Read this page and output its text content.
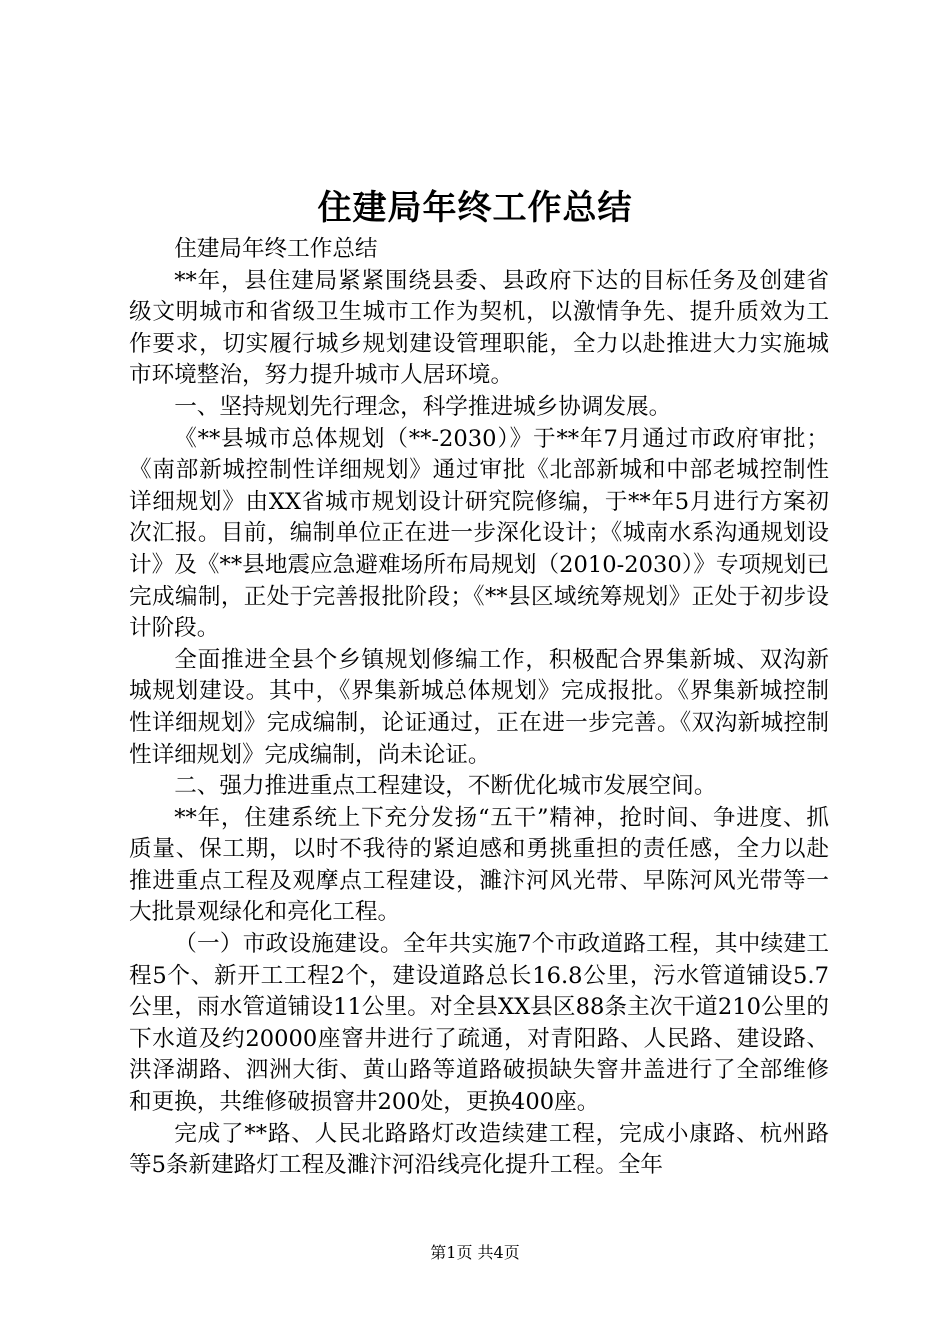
住建局年终工作总结

住建局年终工作总结

**年，县住建局紧紧围绕县委、县政府下达的目标任务及创建省级文明城市和省级卫生城市工作为契机，以激情争先、提升质效为工作要求，切实履行城乡规划建设管理职能，全力以赴推进大力实施城市环境整治，努力提升城市人居环境。

一、坚持规划先行理念，科学推进城乡协调发展。

《**县城市总体规划（**-2030）》于**年7月通过市政府审批；《南部新城控制性详细规划》通过审批《北部新城和中部老城控制性详细规划》由XX省城市规划设计研究院修编，于**年5月进行方案初次汇报。目前，编制单位正在进一步深化设计；《城南水系沟通规划设计》及《**县地震应急避难场所布局规划（2010-2030）》专项规划已完成编制，正处于完善报批阶段；《**县区域统筹规划》正处于初步设计阶段。

全面推进全县个乡镇规划修编工作，积极配合界集新城、双沟新城规划建设。其中，《界集新城总体规划》完成报批。《界集新城控制性详细规划》完成编制，论证通过，正在进一步完善。《双沟新城控制性详细规划》完成编制，尚未论证。

二、强力推进重点工程建设，不断优化城市发展空间。

**年，住建系统上下充分发扬“五干”精神，抢时间、争进度、抓质量、保工期，以时不我待的紧迫感和勇挑重担的责任感，全力以赴推进重点工程及观摩点工程建设，濉汴河风光带、早陈河风光带等一大批景观绿化和亮化工程。

（一）市政设施建设。全年共实施7个市政道路工程，其中续建工程5个、新开工工程2个，建设道路总长16.8公里，污水管道铺设5.7公里，雨水管道铺设11公里。对全县XX县区88条主次干道210公里的下水道及约20000座窨井进行了疏通，对青阳路、人民路、建设路、洪泽湖路、泗洲大街、黄山路等道路破损缺失窨井盖进行了全部维修和更换，共维修破损窨井200处，更换400座。

完成了**路、人民北路路灯改造续建工程，完成小康路、杭州路等5条新建路灯工程及濉汴河沿线亮化提升工程。全年

第1页 共4页
